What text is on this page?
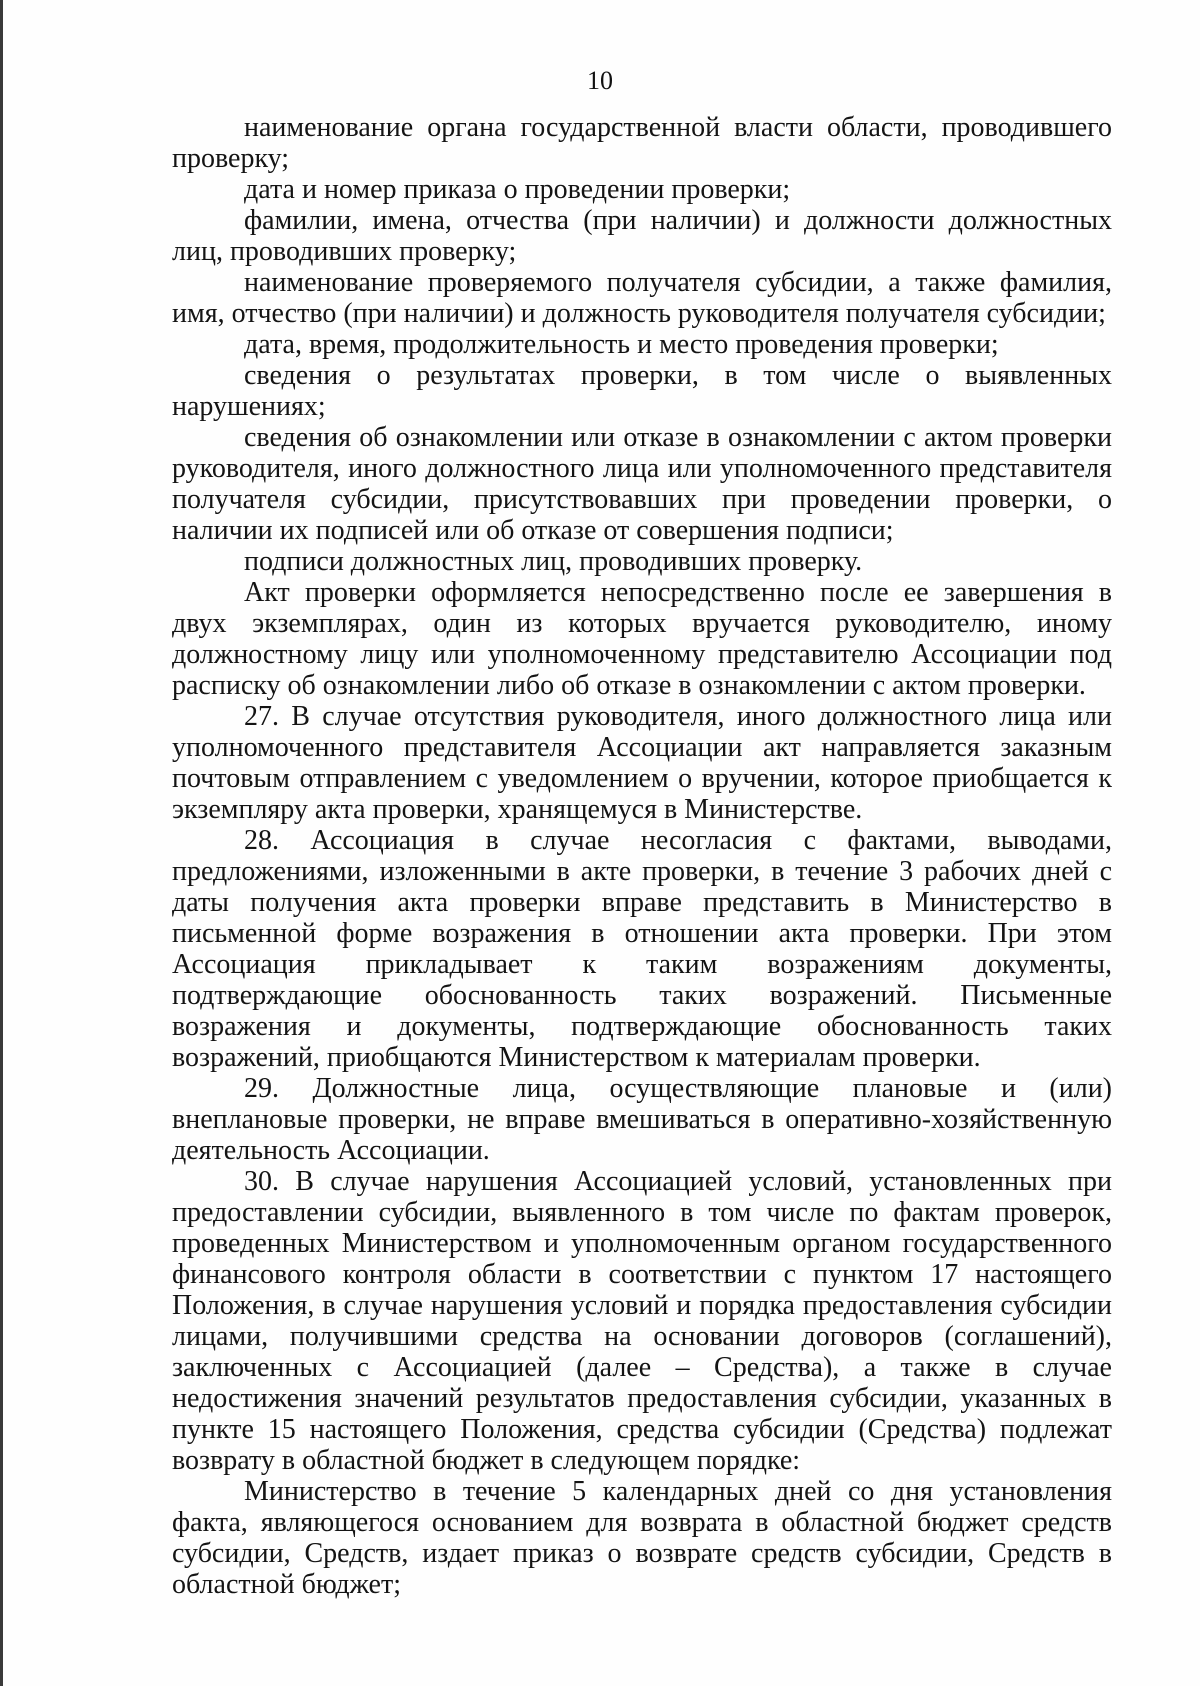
10

наименование органа государственной власти области, проводившего проверку;

дата и номер приказа о проведении проверки;

фамилии, имена, отчества (при наличии) и должности должностных лиц, проводивших проверку;

наименование проверяемого получателя субсидии, а также фамилия, имя, отчество (при наличии) и должность руководителя получателя субсидии;

дата, время, продолжительность и место проведения проверки;

сведения о результатах проверки, в том числе о выявленных нарушениях;

сведения об ознакомлении или отказе в ознакомлении с актом проверки руководителя, иного должностного лица или уполномоченного представителя получателя субсидии, присутствовавших при проведении проверки, о наличии их подписей или об отказе от совершения подписи;

подписи должностных лиц, проводивших проверку.

Акт проверки оформляется непосредственно после ее завершения в двух экземплярах, один из которых вручается руководителю, иному должностному лицу или уполномоченному представителю Ассоциации под расписку об ознакомлении либо об отказе в ознакомлении с актом проверки.

27. В случае отсутствия руководителя, иного должностного лица или уполномоченного представителя Ассоциации акт направляется заказным почтовым отправлением с уведомлением о вручении, которое приобщается к экземпляру акта проверки, хранящемуся в Министерстве.

28. Ассоциация в случае несогласия с фактами, выводами, предложениями, изложенными в акте проверки, в течение 3 рабочих дней с даты получения акта проверки вправе представить в Министерство в письменной форме возражения в отношении акта проверки. При этом Ассоциация прикладывает к таким возражениям документы, подтверждающие обоснованность таких возражений. Письменные возражения и документы, подтверждающие обоснованность таких возражений, приобщаются Министерством к материалам проверки.

29. Должностные лица, осуществляющие плановые и (или) внеплановые проверки, не вправе вмешиваться в оперативно-хозяйственную деятельность Ассоциации.

30. В случае нарушения Ассоциацией условий, установленных при предоставлении субсидии, выявленного в том числе по фактам проверок, проведенных Министерством и уполномоченным органом государственного финансового контроля области в соответствии с пунктом 17 настоящего Положения, в случае нарушения условий и порядка предоставления субсидии лицами, получившими средства на основании договоров (соглашений), заключенных с Ассоциацией (далее – Средства), а также в случае недостижения значений результатов предоставления субсидии, указанных в пункте 15 настоящего Положения, средства субсидии (Средства) подлежат возврату в областной бюджет в следующем порядке:

Министерство в течение 5 календарных дней со дня установления факта, являющегося основанием для возврата в областной бюджет средств субсидии, Средств, издает приказ о возврате средств субсидии, Средств в областной бюджет;
